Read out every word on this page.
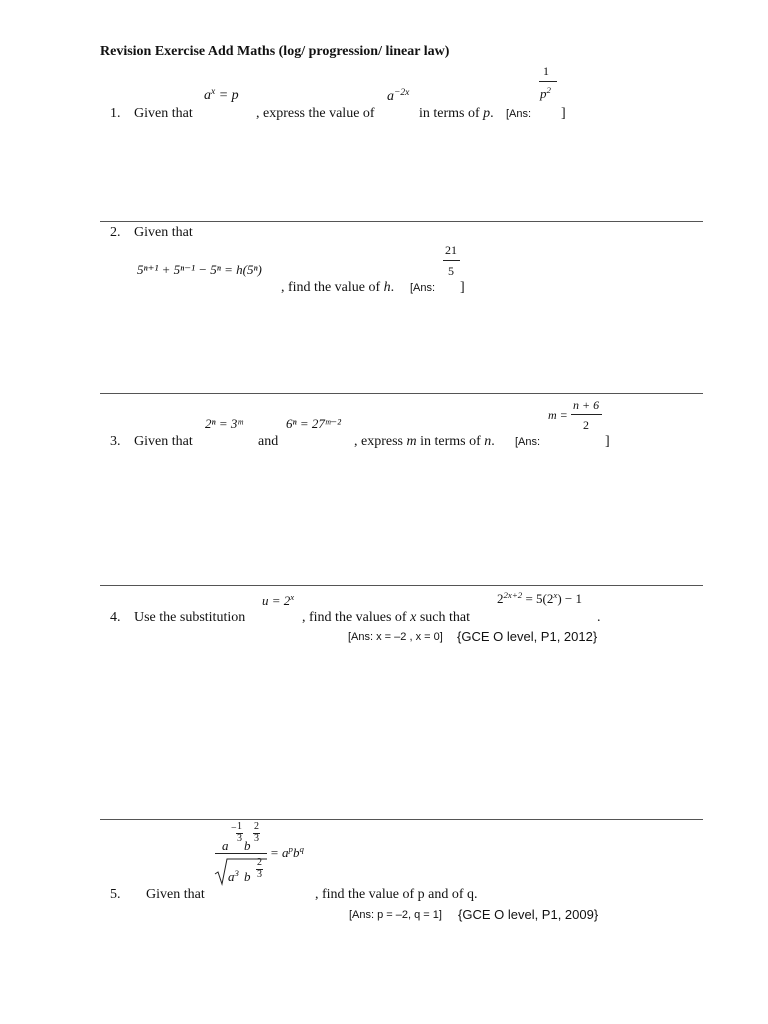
Revision Exercise Add Maths (log/ progression/ linear law)
1. Given that
$a^x = p$
, express the value of
$a^{-2x}$
in terms of p. [Ans:
1
$p^2$
]
2. Given that
5ⁿ⁺¹ + 5ⁿ⁻¹ − 5ⁿ = h(5ⁿ)
, find the value of h. [Ans:
21
5
]
3. Given that
2ⁿ = 3ᵐ
and
6ⁿ = 27ᵐ⁻²
, express m in terms of n. [Ans:
m =
n + 6
2
]
4. Use the substitution
$u = 2^x$
, find the values of x such that
$2^{2x+2} = 5(2^x) - 1$
.
[Ans: x = –2 , x = 0] {GCE O level, P1, 2012}
a
− 1
3 b
2
3
$a^3$ b
2
3
= $a^pb^q$
5. Given that	, find the value of p and of q.
[Ans: p = –2, q = 1] {GCE O level, P1, 2009}
